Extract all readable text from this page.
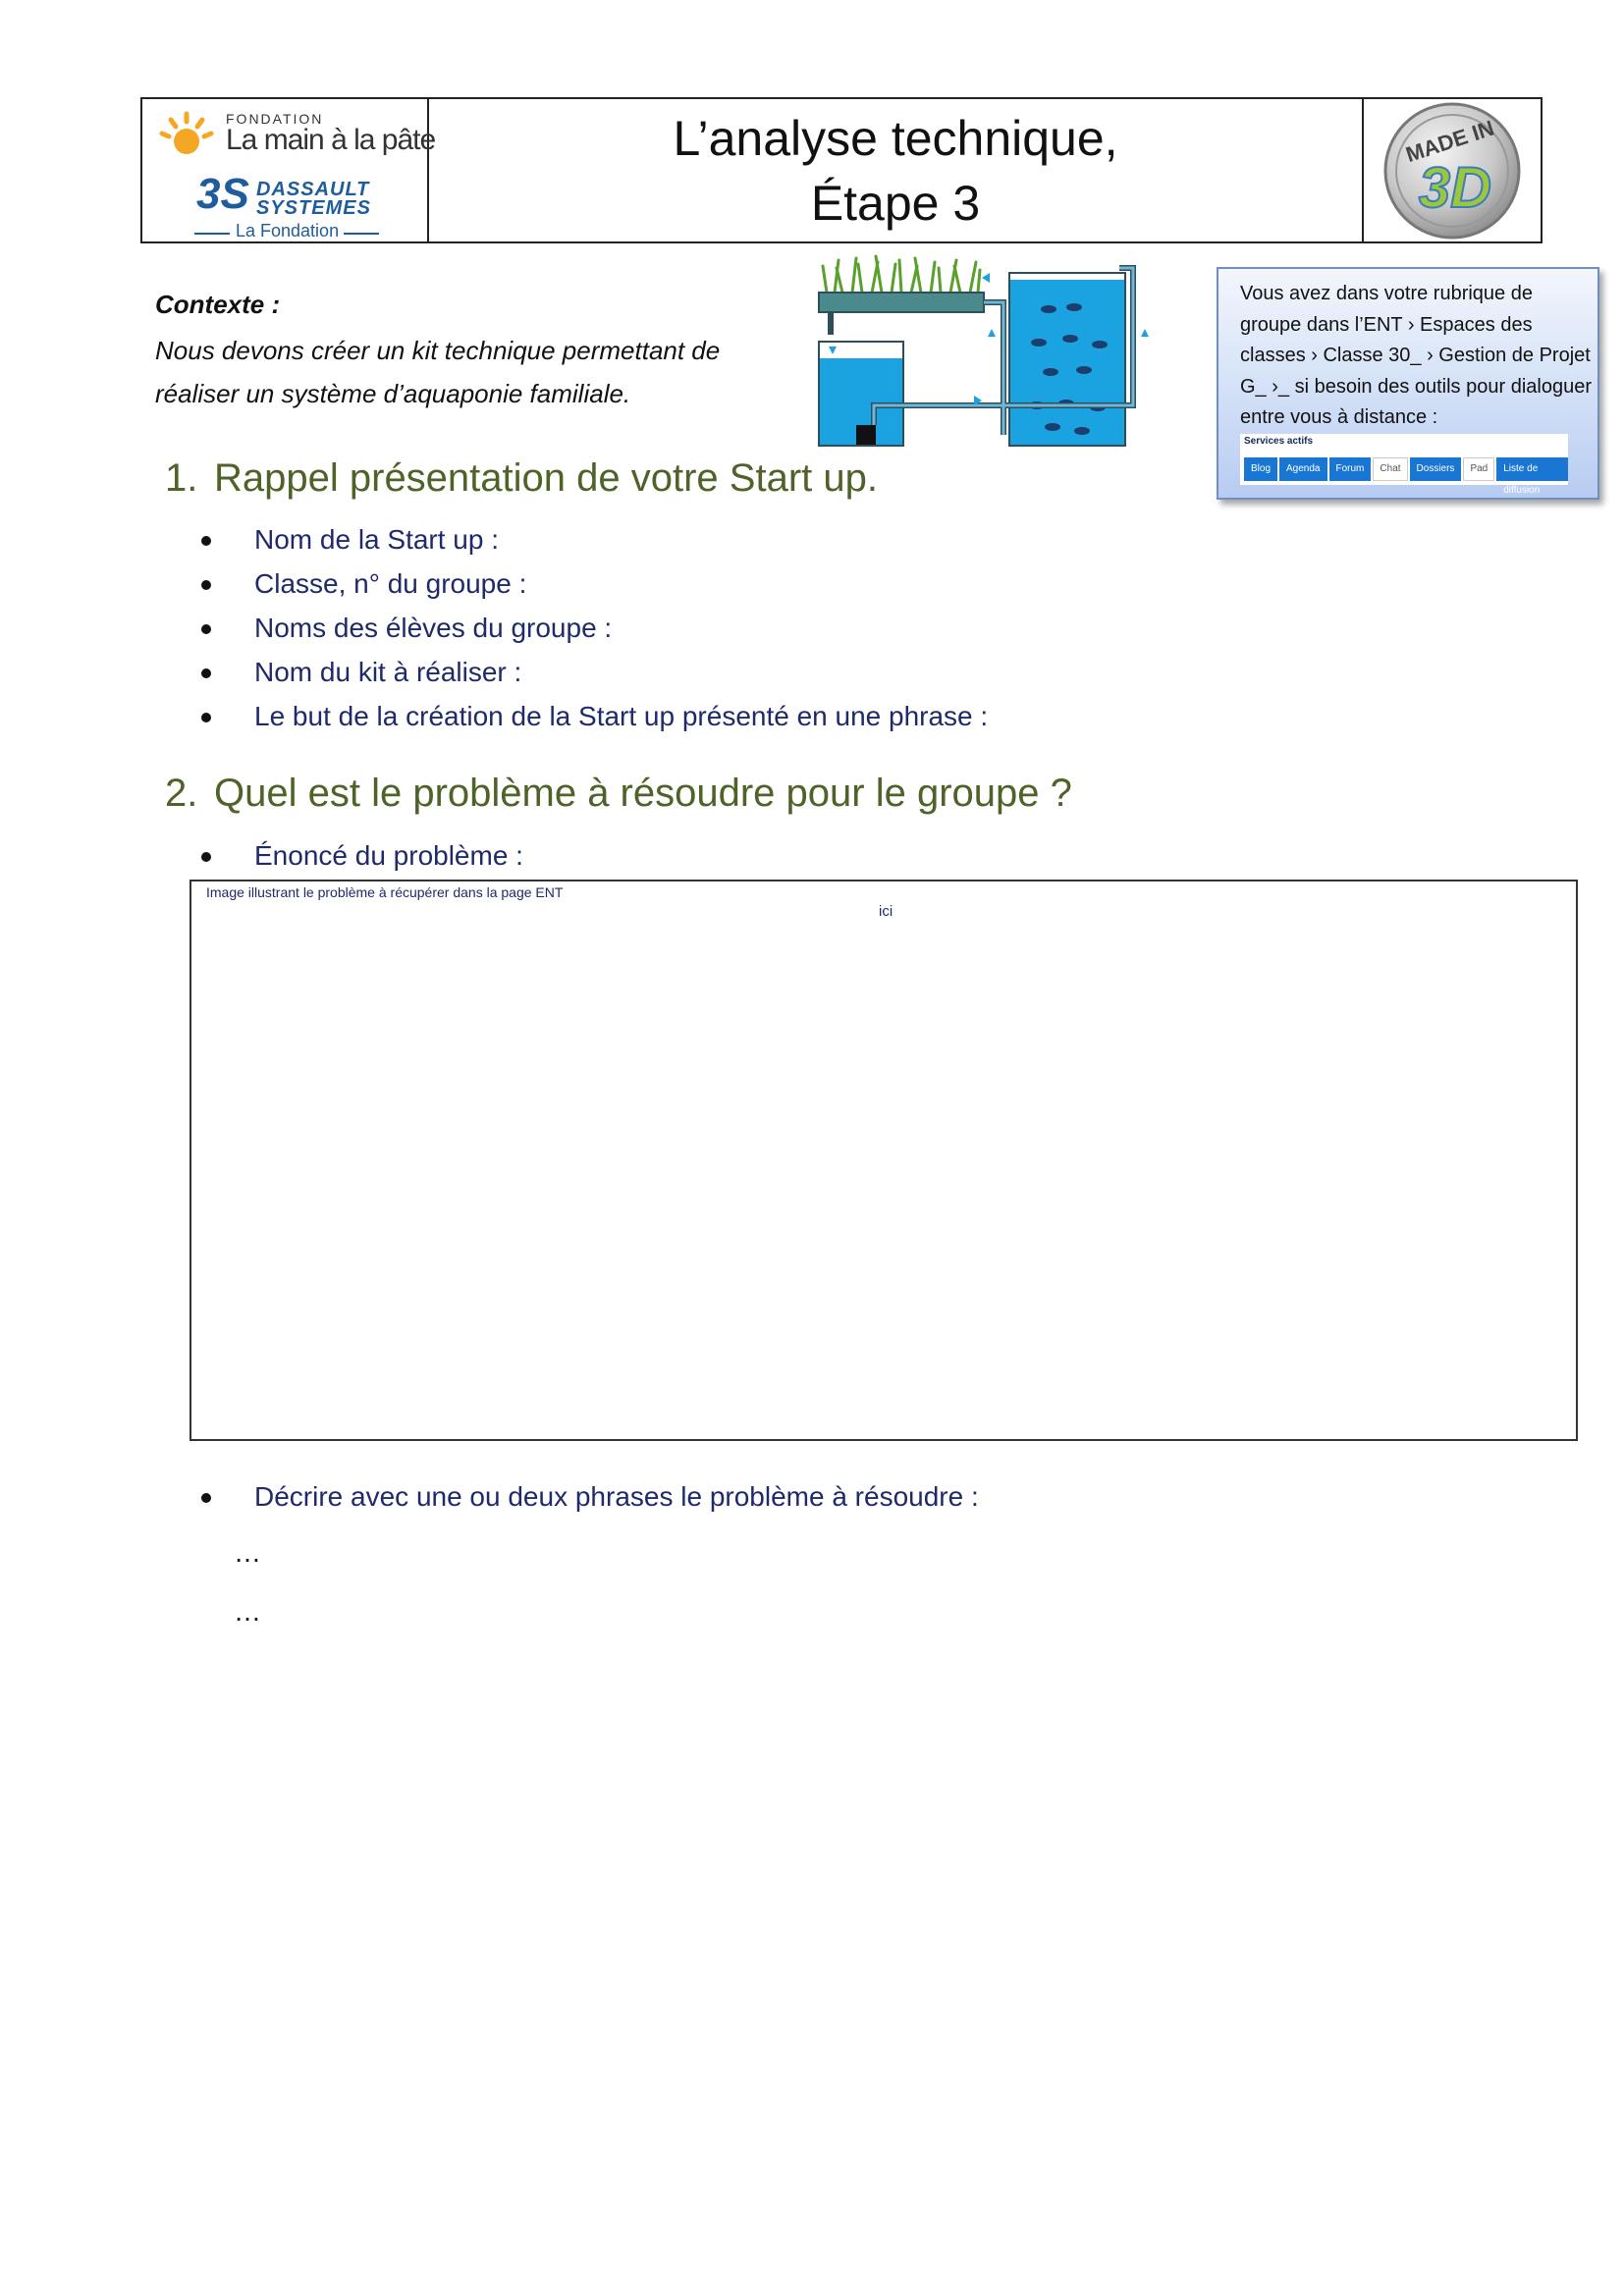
L’analyse technique,
Étape 3
MADE IN
3D
FONDATION
La main à la pâte
3S DASSAULT
SYSTEMES
La Fondation
Contexte :
Nous devons créer un kit technique permettant de réaliser un système d’aquaponie familiale.
Vous avez dans votre rubrique de groupe dans l’ENT › Espaces des classes › Classe 30_ › Gestion de Projet G_ ›_ si besoin des outils pour dialoguer entre vous à distance :
Services actifs
Blog	Agenda	Forum	Chat	Dossiers	Pad	Liste de diffusion
1. Rappel présentation de votre Start up.
Nom de la Start up :
Classe, n° du groupe :
Noms des élèves du groupe :
Nom du kit à réaliser :
Le but de la création de la Start up présenté en une phrase :
2. Quel est le problème à résoudre pour le groupe ?
Énoncé du problème :
Image illustrant le problème à récupérer dans la page ENT
ici
Décrire avec une ou deux phrases le problème à résoudre :
…
…
